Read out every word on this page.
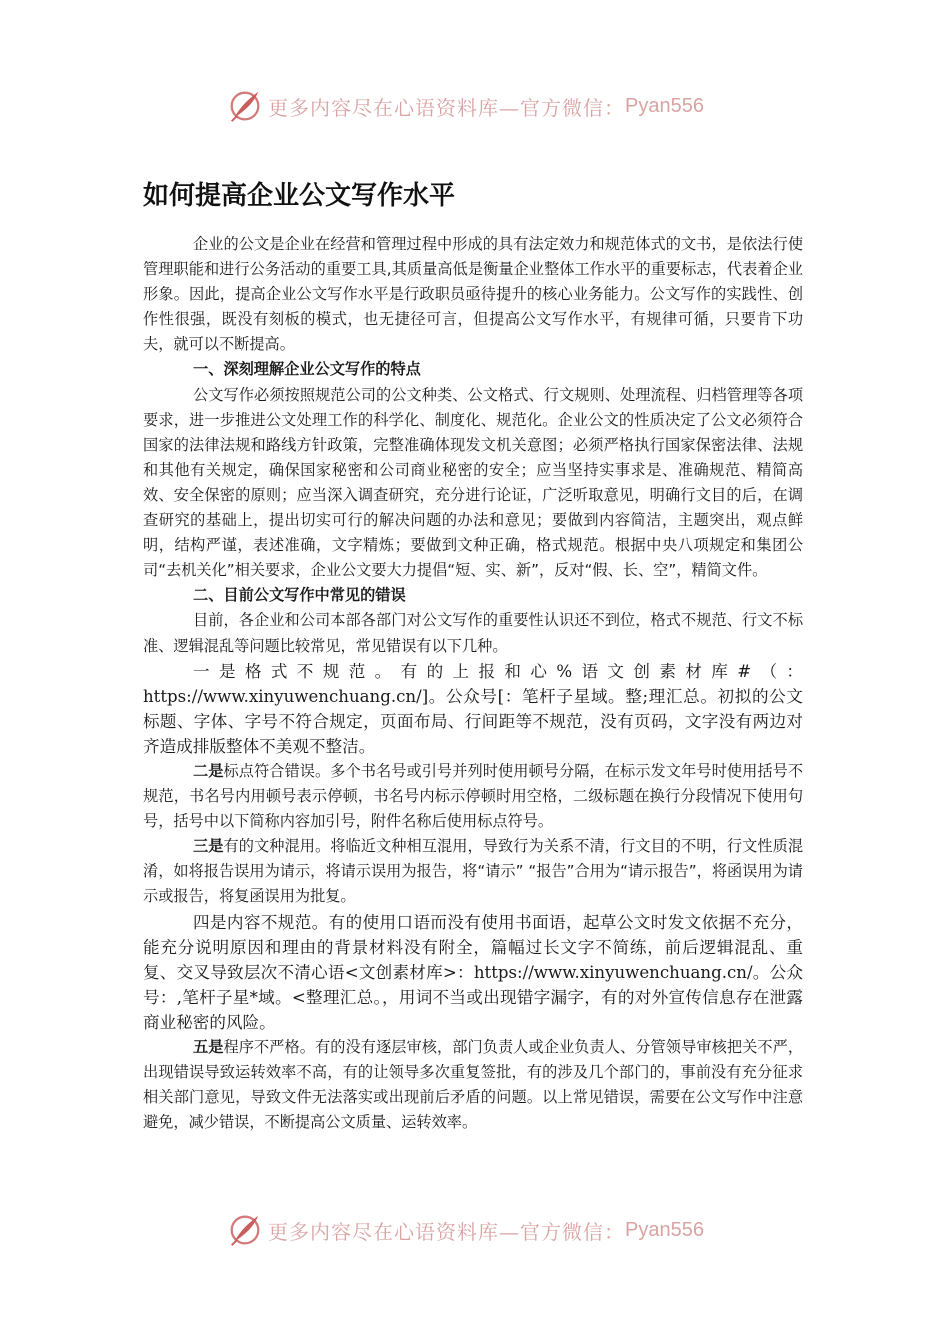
更多内容尽在心语资料库—官方微信： Pyan556
如何提高企业公文写作水平

企业的公文是企业在经营和管理过程中形成的具有法定效力和规范体式的文书，是依法行使管理职能和进行公务活动的重要工具,其质量高低是衡量企业整体工作水平的重要标志，代表着企业形象。因此，提高企业公文写作水平是行政职员亟待提升的核心业务能力。公文写作的实践性、创作性很强，既没有刻板的模式，也无捷径可言，但提高公文写作水平，有规律可循，只要肯下功夫，就可以不断提高。

一、深刻理解企业公文写作的特点

公文写作必须按照规范公司的公文种类、公文格式、行文规则、处理流程、归档管理等各项要求，进一步推进公文处理工作的科学化、制度化、规范化。企业公文的性质决定了公文必须符合国家的法律法规和路线方针政策，完整准确体现发文机关意图；必须严格执行国家保密法律、法规和其他有关规定，确保国家秘密和公司商业秘密的安全；应当坚持实事求是、准确规范、精简高效、安全保密的原则；应当深入调查研究，充分进行论证，广泛听取意见，明确行文目的后，在调查研究的基础上，提出切实可行的解决问题的办法和意见；要做到内容简洁，主题突出，观点鲜明，结构严谨，表述准确，文字精炼；要做到文种正确，格式规范。根据中央八项规定和集团公司“去机关化”相关要求，企业公文要大力提倡“短、实、新”，反对“假、长、空”，精简文件。

二、目前公文写作中常见的错误

目前，各企业和公司本部各部门对公文写作的重要性认识还不到位，格式不规范、行文不标准、逻辑混乱等问题比较常见，常见错误有以下几种。

一是格式不规范。有的上报和心%语文创素材库#（：https://www.xinyuwenchuang.cn/]。公众号[：笔杆子星域。整;理汇总。初拟的公文标题、字体、字号不符合规定，页面布局、行间距等不规范，没有页码，文字没有两边对齐造成排版整体不美观不整洁。

二是标点符合错误。多个书名号或引号并列时使用顿号分隔，在标示发文年号时使用括号不规范，书名号内用顿号表示停顿，书名号内标示停顿时用空格，二级标题在换行分段情况下使用句号，括号中以下简称内容加引号，附件名称后使用标点符号。

三是有的文种混用。将临近文种相互混用，导致行为关系不清，行文目的不明，行文性质混淆，如将报告误用为请示，将请示误用为报告，将“请示” “报告”合用为“请示报告”，将函误用为请示或报告，将复函误用为批复。

四是内容不规范。有的使用口语而没有使用书面语，起草公文时发文依据不充分，能充分说明原因和理由的背景材料没有附全，篇幅过长文字不简练，前后逻辑混乱、重复、交叉导致层次不清心语<文创素材库>：https://www.xinyuwenchuang.cn/。公众号：,笔杆子星*域。<整理汇总。，用词不当或出现错字漏字，有的对外宣传信息存在泄露商业秘密的风险。

五是程序不严格。有的没有逐层审核，部门负责人或企业负责人、分管领导审核把关不严，出现错误导致运转效率不高，有的让领导多次重复签批，有的涉及几个部门的，事前没有充分征求相关部门意见，导致文件无法落实或出现前后矛盾的问题。以上常见错误，需要在公文写作中注意避免，减少错误，不断提高公文质量、运转效率。

更多内容尽在心语资料库—官方微信： Pyan556
